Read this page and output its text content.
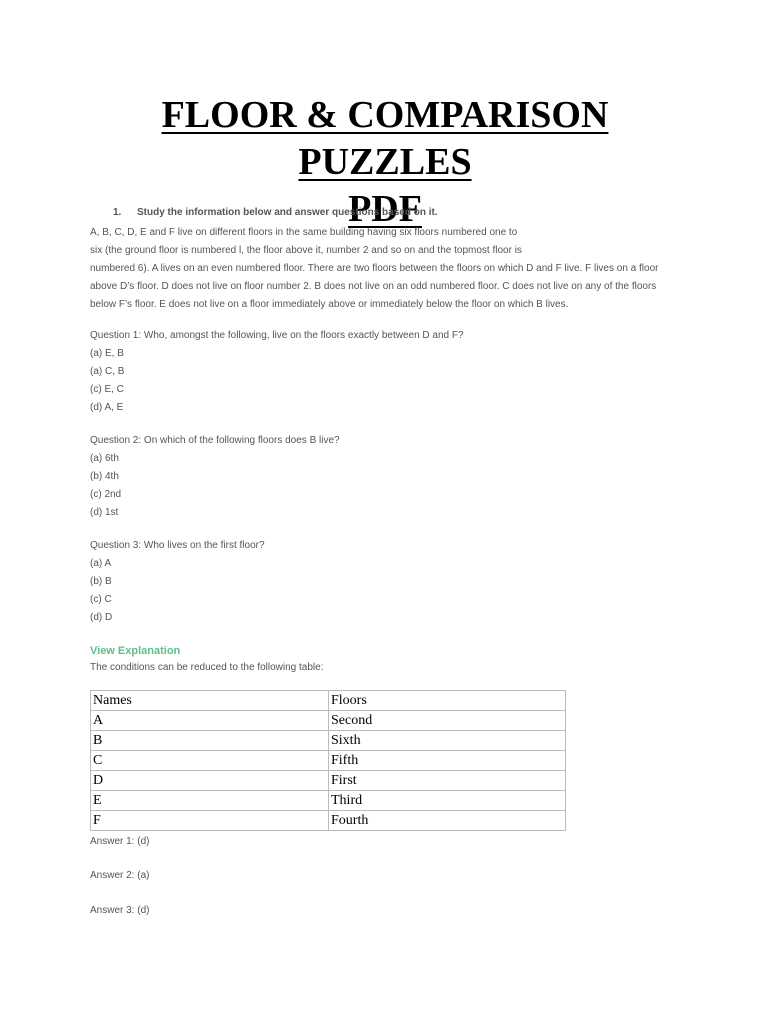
FLOOR & COMPARISON PUZZLES
PDF
1. Study the information below and answer questions based on it.
A, B, C, D, E and F live on different floors in the same building having six floors numbered one to
six (the ground floor is numbered l, the floor above it, number 2 and so on and the topmost floor is
numbered 6). A lives on an even numbered floor. There are two floors between the floors on which D and F live. F lives on a floor
above D’s floor. D does not live on floor number 2. B does not live on an odd numbered floor. C does not live on any of the floors
below F’s floor. E does not live on a floor immediately above or immediately below the floor on which B lives.
Question 1: Who, amongst the following, live on the floors exactly between D and F?
(a) E, B
(a) C, B
(c) E, C
(d) A, E
Question 2: On which of the following floors does B live?
(a) 6th
(b) 4th
(c) 2nd
(d) 1st
Question 3: Who lives on the first floor?
(a) A
(b) B
(c) C
(d) D
View Explanation
The conditions can be reduced to the following table:
Names	Floors
A	Second
B	Sixth
C	Fifth
D	First
E	Third
F	Fourth
Answer 1: (d)
Answer 2: (a)
Answer 3: (d)
